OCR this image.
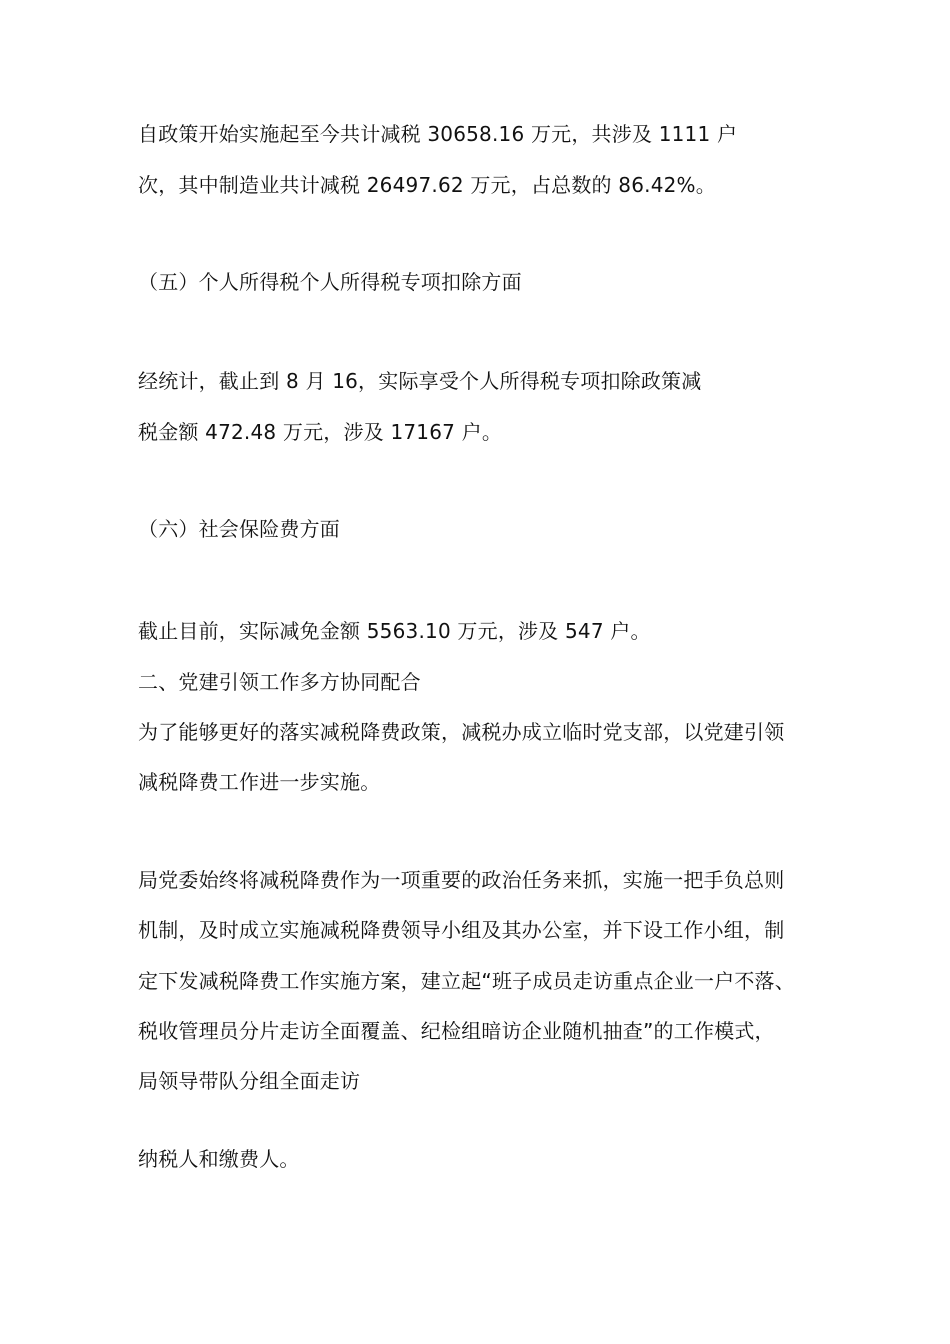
自政策开始实施起至今共计减税 30658.16 万元，共涉及 1111 户
次，其中制造业共计减税 26497.62 万元，占总数的 86.42%。
（五）个人所得税个人所得税专项扣除方面
经统计，截止到 8 月 16，实际享受个人所得税专项扣除政策减
税金额 472.48 万元，涉及 17167 户。
（六）社会保险费方面
截止目前，实际减免金额 5563.10 万元，涉及 547 户。
二、党建引领工作多方协同配合
为了能够更好的落实减税降费政策，减税办成立临时党支部，以党建引领
减税降费工作进一步实施。
局党委始终将减税降费作为一项重要的政治任务来抓，实施一把手负总则
机制，及时成立实施减税降费领导小组及其办公室，并下设工作小组，制
定下发减税降费工作实施方案，建立起“班子成员走访重点企业一户不落、
税收管理员分片走访全面覆盖、纪检组暗访企业随机抽查”的工作模式，
局领导带队分组全面走访
纳税人和缴费人。
